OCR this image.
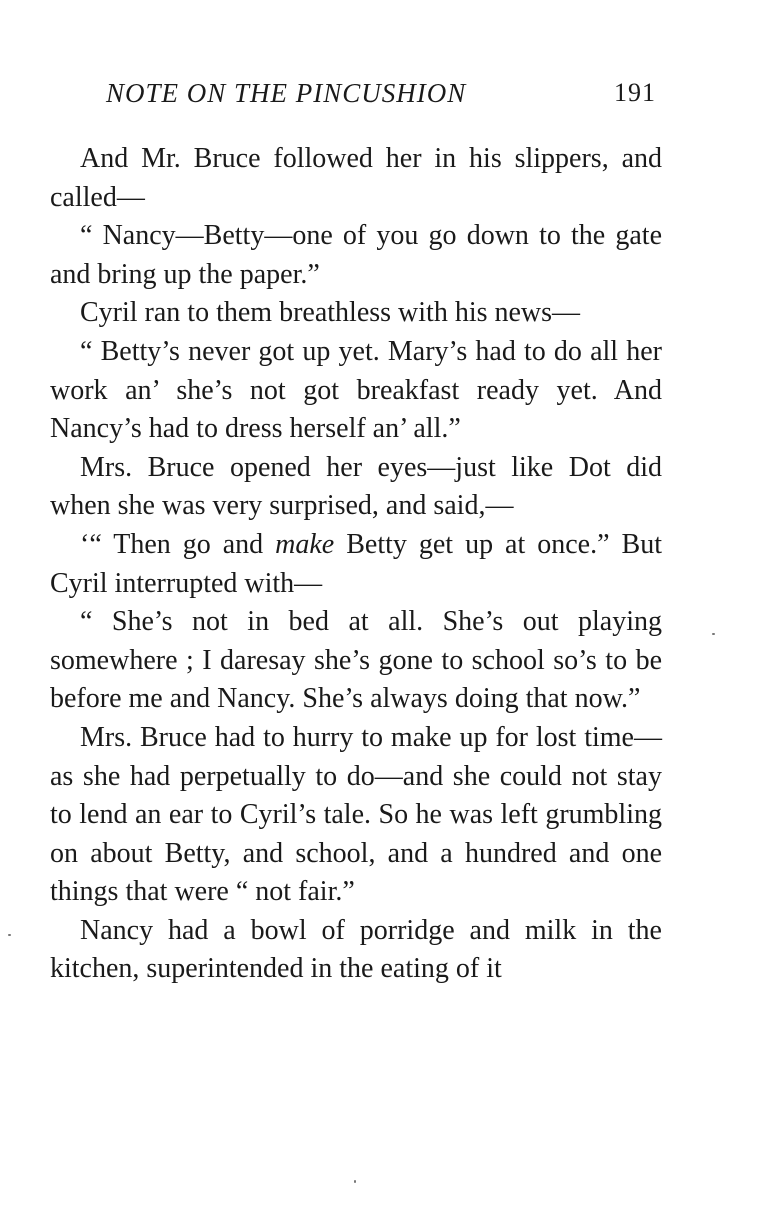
NOTE ON THE PINCUSHION	191

And Mr. Bruce followed her in his slippers, and called—

“ Nancy—Betty—one of you go down to the gate and bring up the paper.”

Cyril ran to them breathless with his news—

“ Betty’s never got up yet. Mary’s had to do all her work an’ she’s not got breakfast ready yet. And Nancy’s had to dress herself an’ all.”

Mrs. Bruce opened her eyes—just like Dot did when she was very surprised, and said,—

‘“ Then go and make Betty get up at once.” But Cyril interrupted with—

“ She’s not in bed at all. She’s out playing somewhere ; I daresay she’s gone to school so’s to be before me and Nancy. She’s always doing that now.”

Mrs. Bruce had to hurry to make up for lost time—as she had perpetually to do—and she could not stay to lend an ear to Cyril’s tale. So he was left grumbling on about Betty, and school, and a hundred and one things that were “ not fair.”

Nancy had a bowl of porridge and milk in the kitchen, superintended in the eating of it
